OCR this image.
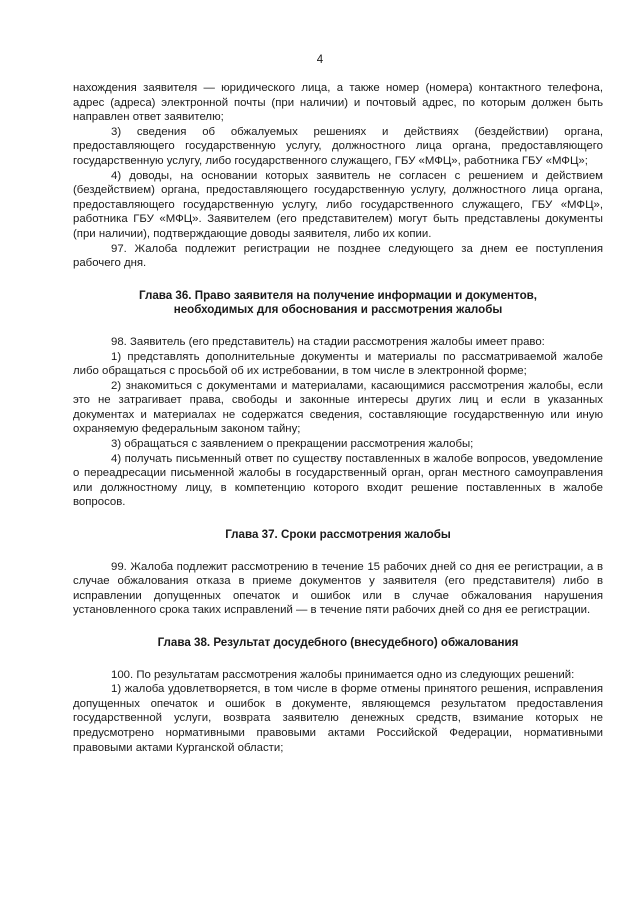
4

нахождения заявителя — юридического лица, а также номер (номера) контактного телефона, адрес (адреса) электронной почты (при наличии) и почтовый адрес, по которым должен быть направлен ответ заявителю;

3) сведения об обжалуемых решениях и действиях (бездействии) органа, предоставляющего государственную услугу, должностного лица органа, предоставляющего государственную услугу, либо государственного служащего, ГБУ «МФЦ», работника ГБУ «МФЦ»;

4) доводы, на основании которых заявитель не согласен с решением и действием (бездействием) органа, предоставляющего государственную услугу, должностного лица органа, предоставляющего государственную услугу, либо государственного служащего, ГБУ «МФЦ», работника ГБУ «МФЦ». Заявителем (его представителем) могут быть представлены документы (при наличии), подтверждающие доводы заявителя, либо их копии.

97. Жалоба подлежит регистрации не позднее следующего за днем ее поступления рабочего дня.

Глава 36. Право заявителя на получение информации и документов,
необходимых для обоснования и рассмотрения жалобы

98. Заявитель (его представитель) на стадии рассмотрения жалобы имеет право:

1) представлять дополнительные документы и материалы по рассматриваемой жалобе либо обращаться с просьбой об их истребовании, в том числе в электронной форме;

2) знакомиться с документами и материалами, касающимися рассмотрения жалобы, если это не затрагивает права, свободы и законные интересы других лиц и если в указанных документах и материалах не содержатся сведения, составляющие государственную или иную охраняемую федеральным законом тайну;

3) обращаться с заявлением о прекращении рассмотрения жалобы;

4) получать письменный ответ по существу поставленных в жалобе вопросов, уведомление о переадресации письменной жалобы в государственный орган, орган местного самоуправления или должностному лицу, в компетенцию которого входит решение поставленных в жалобе вопросов.

Глава 37. Сроки рассмотрения жалобы

99. Жалоба подлежит рассмотрению в течение 15 рабочих дней со дня ее регистрации, а в случае обжалования отказа в приеме документов у заявителя (его представителя) либо в исправлении допущенных опечаток и ошибок или в случае обжалования нарушения установленного срока таких исправлений — в течение пяти рабочих дней со дня ее регистрации.

Глава 38. Результат досудебного (внесудебного) обжалования

100. По результатам рассмотрения жалобы принимается одно из следующих решений:

1) жалоба удовлетворяется, в том числе в форме отмены принятого решения, исправления допущенных опечаток и ошибок в документе, являющемся результатом предоставления государственной услуги, возврата заявителю денежных средств, взимание которых не предусмотрено нормативными правовыми актами Российской Федерации, нормативными правовыми актами Курганской области;
